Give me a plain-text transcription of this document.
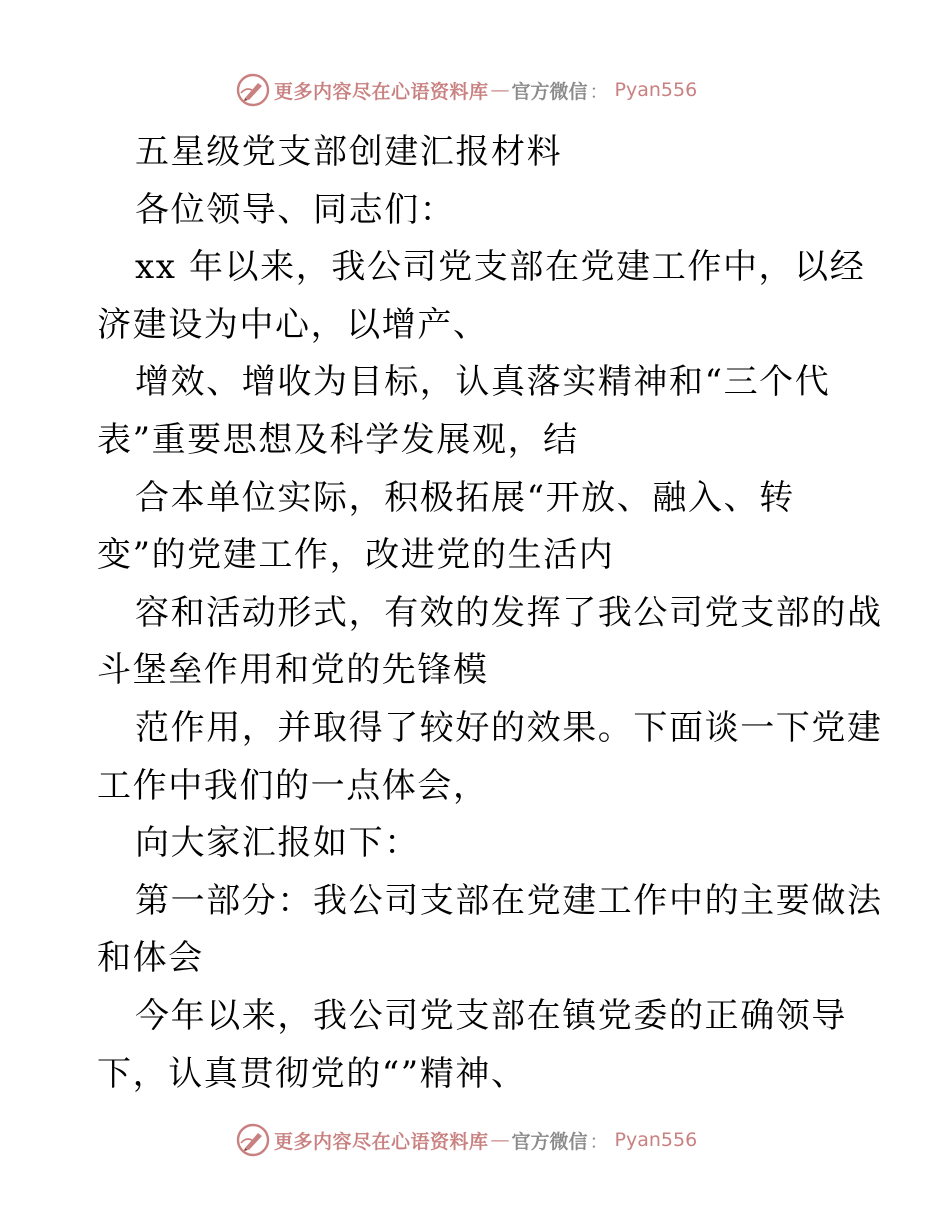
更多内容尽在心语资料库 — 官方微信 ： Pyan556
五星级党支部创建汇报材料
各位领导、同志们：
xx 年以来，我公司党支部在党建工作中，以经
济建设为中心，以增产、
增效、增收为目标，认真落实精神和“三个代
表”重要思想及科学发展观，结
合本单位实际，积极拓展“开放、融入、转
变”的党建工作，改进党的生活内
容和活动形式，有效的发挥了我公司党支部的战
斗堡垒作用和党的先锋模
范作用，并取得了较好的效果。下面谈一下党建
工作中我们的一点体会，
向大家汇报如下：
第一部分：我公司支部在党建工作中的主要做法
和体会
今年以来，我公司党支部在镇党委的正确领导
下，认真贯彻党的“”精神、
更多内容尽在心语资料库 — 官方微信 ： Pyan556
